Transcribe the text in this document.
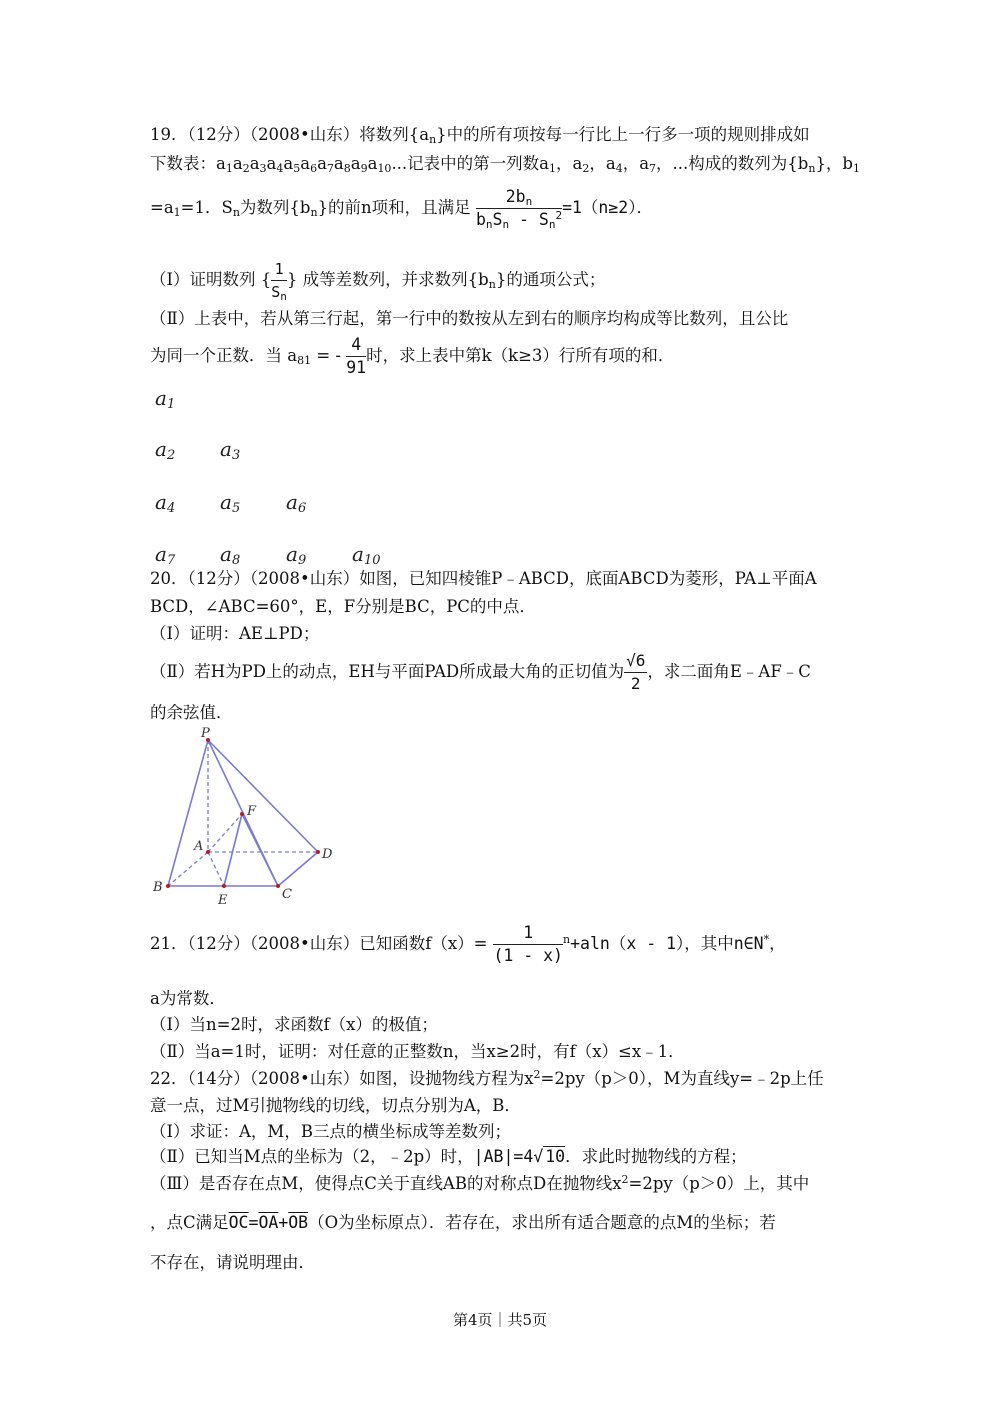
19．（12分）（2008•山东）将数列$\{a_n\}$中的所有项按每一行比上一行多一项的规则排成如
下数表：$a_1a_2a_3a_4a_5a_6a_7a_8a_9a_{10}$...记表中的第一列数$a_1$，$a_2$，$a_4$，$a_7$，...构成的数列为$\{b_n\}$，$b_1$
$=a_1=1$．$S_n$为数列$\{b_n\}$的前n项和，且满足 $\frac{2b_n}{b_nS_n - S_n^2} =1(n\ge 2)$．
（Ⅰ）证明数列 { $\frac{1}{S_n}$ } 成等差数列，并求数列$\{b_n\}$的通项公式；
（Ⅱ）上表中，若从第三行起，第一行中的数按从左到右的顺序均构成等比数列，且公比
为同一个正数．当 $a_{81}$ = - $\frac{4}{91}$ 时，求上表中第k（k≥3）行所有项的和．
$a_1$
$a_2$ $a_3$
$a_4$ $a_5$ $a_6$
$a_7$ $a_8$ $a_9$ $a_{10}$
20．（12分）（2008•山东）如图，已知四棱锥P﹣ABCD，底面ABCD为菱形，PA⊥平面A
BCD，∠ABC=60°，E，F分别是BC，PC的中点．
（Ⅰ）证明：AE⊥PD；
（Ⅱ）若H为PD上的动点，EH与平面PAD所成最大角的正切值为 $\frac{√6}{2}$ ，求二面角E﹣AF﹣C
的余弦值．
P
A
B	C
D
E
F
21．（12分）（2008•山东）已知函数$f(x)= \frac{1}{(1 - x)} ^n+aln(x - 1)$，其中n∈N*，
a为常数．
（Ⅰ）当n=2时，求函数f（x）的极值；
（Ⅱ）当a=1时，证明：对任意的正整数n，当x≥2时，有f（x）≤x﹣1．
22．（14分）（2008•山东）如图，设抛物线方程为$x^2=2py(p>0)$，M为直线y=﹣2p上任
意一点，过M引抛物线的切线，切点分别为A，B．
（Ⅰ）求证：A，M，B三点的横坐标成等差数列；
（Ⅱ）已知当M点的坐标为（2，﹣2p）时，|AB|=4√ 10．求此时抛物线的方程；
（Ⅲ）是否存在点M，使得点C关于直线AB的对称点D在抛物线$x^2=2py(p>0)$上，其中
，点C满足$\overline{OC}=\overline{OA}+\overline{OB}(O$为坐标原点）．若存在，求出所有适合题意的点M的坐标；若
不存在，请说明理由．
第4页｜共5页
